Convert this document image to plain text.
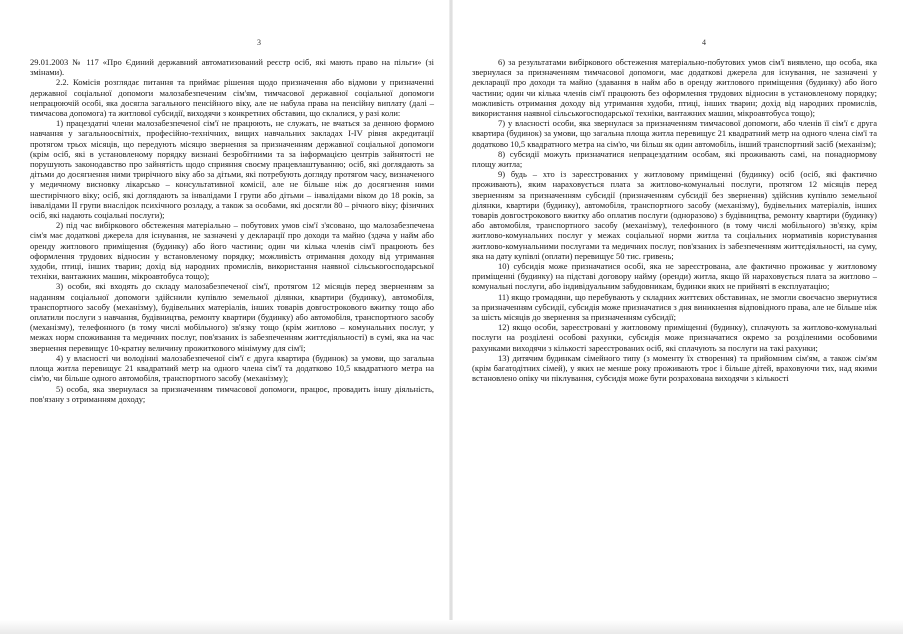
3	4

29.01.2003 № 117 «Про Єдиний державний автоматизований реєстр осіб, які мають право на пільги» (зі змінами).

2.2. Комісія розглядає питання та приймає рішення щодо призначення або відмови у призначенні державної соціальної допомоги малозабезпеченим сім'ям, тимчасової державної соціальної допомоги непрацюючій особі, яка досягла загального пенсійного віку, але не набула права на пенсійну виплату (далі – тимчасова допомога) та житлової субсидії, виходячи з конкретних обставин, що склалися, у разі коли:

1) працездатні члени малозабезпеченої сім'ї не працюють, не служать, не вчаться за денною формою навчання у загальноосвітніх, професійно-технічних, вищих навчальних закладах I-IV рівня акредитації протягом трьох місяців, що передують місяцю звернення за призначенням державної соціальної допомоги (крім осіб, які в установленому порядку визнані безробітними та за інформацією центрів зайнятості не порушують законодавство про зайнятість щодо сприяння своєму працевлаштуванню; осіб, які доглядають за дітьми до досягнення ними трирічного віку або за дітьми, які потребують догляду протягом часу, визначеного у медичному висновку лікарсько – консультативної комісії, але не більше ніж до досягнення ними шестирічного віку; осіб, які доглядають за інвалідами I групи або дітьми – інвалідами віком до 18 років, за інвалідами II групи внаслідок психічного розладу, а також за особами, які досягли 80 – річного віку; фізичних осіб, які надають соціальні послуги);

2) під час вибіркового обстеження матеріально – побутових умов сім'ї з'ясовано, що малозабезпечена сім'я має додаткові джерела для існування, не зазначені у декларації про доходи та майно (здача у найм або оренду житлового приміщення (будинку) або його частини; один чи кілька членів сім'ї працюють без оформлення трудових відносин у встановленому порядку; можливість отримання доходу від утримання худоби, птиці, інших тварин; дохід від народних промислів, використання наявної сільськогосподарської техніки, вантажних машин, мікроавтобуса тощо);

3) особи, які входять до складу малозабезпеченої сім'ї, протягом 12 місяців перед зверненням за наданням соціальної допомоги здійснили купівлю земельної ділянки, квартири (будинку), автомобіля, транспортного засобу (механізму), будівельних матеріалів, інших товарів довгострокового вжитку тощо або оплатили послуги з навчання, будівництва, ремонту квартири (будинку) або автомобіля, транспортного засобу (механізму), телефонного (в тому числі мобільного) зв'язку тощо (крім житлово – комунальних послуг, у межах норм споживання та медичних послуг, пов'язаних із забезпеченням життєдіяльності) в сумі, яка на час звернення перевищує 10-кратну величину прожиткового мінімуму для сім'ї;

4) у власності чи володінні малозабезпеченої сім'ї є друга квартира (будинок) за умови, що загальна площа житла перевищує 21 квадратний метр на одного члена сім'ї та додатково 10,5 квадратного метра на сім'ю, чи більше одного автомобіля, транспортного засобу (механізму);

5) особа, яка звернулася за призначенням тимчасової допомоги, працює, провадить іншу діяльність, пов'язану з отриманням доходу;

6) за результатами вибіркового обстеження матеріально-побутових умов сім'ї виявлено, що особа, яка звернулася за призначенням тимчасової допомоги, має додаткові джерела для існування, не зазначені у декларації про доходи та майно (здавання в найм або в оренду житлового приміщення (будинку) або його частини; один чи кілька членів сім'ї працюють без оформлення трудових відносин в установленому порядку; можливість отримання доходу від утримання худоби, птиці, інших тварин; дохід від народних промислів, використання наявної сільськогосподарської техніки, вантажних машин, мікроавтобуса тощо);

7) у власності особи, яка звернулася за призначенням тимчасової допомоги, або членів її сім'ї є друга квартира (будинок) за умови, що загальна площа житла перевищує 21 квадратний метр на одного члена сім'ї та додатково 10,5 квадратного метра на сім'ю, чи більш як один автомобіль, інший транспортний засіб (механізм);

8) субсидії можуть призначатися непрацездатним особам, які проживають самі, на понаднормову площу житла;

9) будь – хто із зареєстрованих у житловому приміщенні (будинку) осіб (осіб, які фактично проживають), яким нараховується плата за житлово-комунальні послуги, протягом 12 місяців перед зверненням за призначенням субсидії (призначенням субсидії без звернення) здійснив купівлю земельної ділянки, квартири (будинку), автомобіля, транспортного засобу (механізму), будівельних матеріалів, інших товарів довгострокового вжитку або оплатив послуги (одноразово) з будівництва, ремонту квартири (будинку) або автомобіля, транспортного засобу (механізму), телефонного (в тому числі мобільного) зв'язку, крім житлово-комунальних послуг у межах соціальної норми житла та соціальних нормативів користування житлово-комунальними послугами та медичних послуг, пов'язаних із забезпеченням життєдіяльності, на суму, яка на дату купівлі (оплати) перевищує 50 тис. гривень;

10) субсидія може призначатися особі, яка не зареєстрована, але фактично проживає у житловому приміщенні (будинку) на підставі договору найму (оренди) житла, якщо їй нараховується плата за житлово – комунальні послуги, або індивідуальним забудовникам, будинки яких не прийняті в експлуатацію;

11) якщо громадяни, що перебувають у складних життєвих обставинах, не змогли своєчасно звернутися за призначенням субсидії, субсидія може призначатися з дня виникнення відповідного права, але не більше ніж за шість місяців до звернення за призначенням субсидії;

12) якщо особи, зареєстровані у житловому приміщенні (будинку), сплачують за житлово-комунальні послуги на розділені особові рахунки, субсидія може призначатися окремо за розділеними особовими рахунками виходячи з кількості зареєстрованих осіб, які сплачують за послуги на такі рахунки;

13) дитячим будинкам сімейного типу (з моменту їх створення) та прийомним сім'ям, а також сім'ям (крім багатодітних сімей), у яких не менше року проживають троє і більше дітей, враховуючи тих, над якими встановлено опіку чи піклування, субсидія може бути розрахована виходячи з кількості
